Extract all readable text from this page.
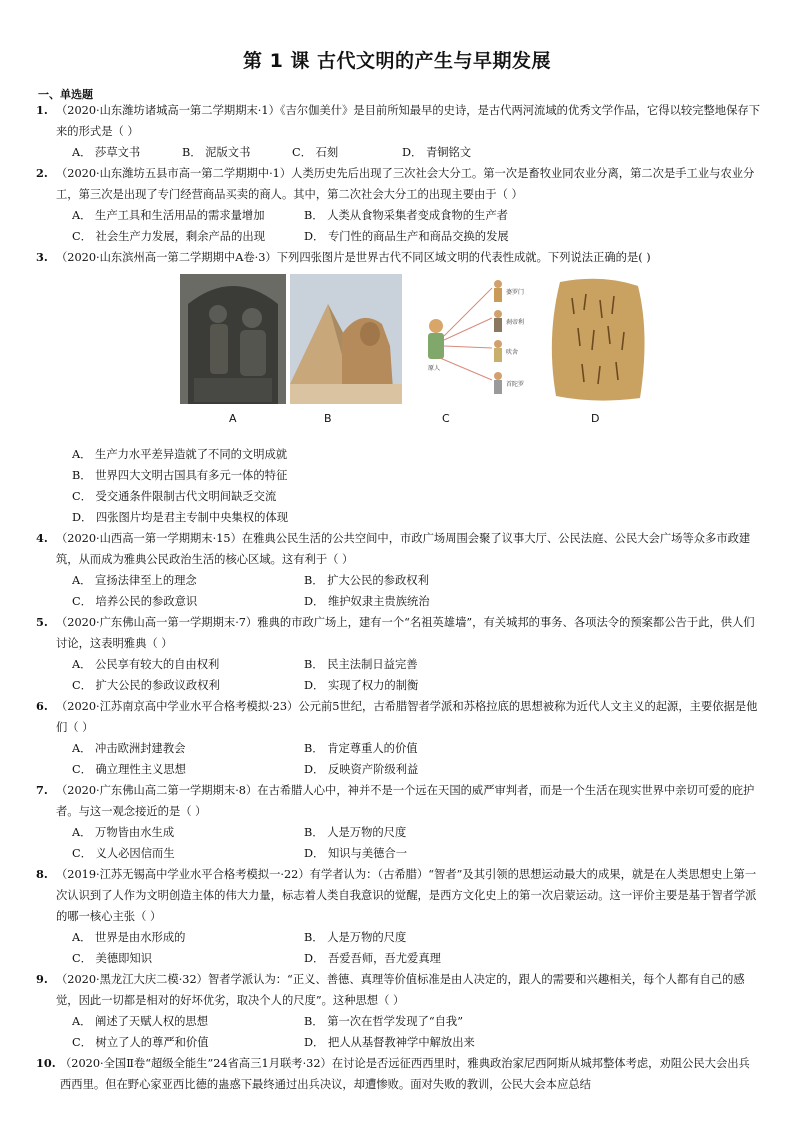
第 1 课 古代文明的产生与早期发展
一、单选题
1. （2020·山东潍坊诸城高一第二学期期末·1）《吉尔伽美什》是目前所知最早的史诗，是古代两河流域的优秀文学作品，它得以较完整地保存下来的形式是（ ）
A． 莎草文书	B． 泥版文书	C． 石刻	D． 青铜铭文
2. （2020·山东潍坊五县市高一第二学期期中·1）人类历史先后出现了三次社会大分工。第一次是畜牧业同农业分离，第二次是手工业与农业分工，第三次是出现了专门经营商品买卖的商人。其中，第二次社会大分工的出现主要由于（ ）
A． 生产工具和生活用品的需求量增加	B． 人类从食物采集者变成食物的生产者
C． 社会生产力发展，剩余产品的出现	D． 专门性的商品生产和商品交换的发展
3. （2020·山东滨州高一第二学期期中A卷·3）下列四张图片是世界古代不同区域文明的代表性成就。下列说法正确的是( )
婆罗门
刹帝利
吠舍
首陀罗
原人
A	B	C	D
A． 生产力水平差异造就了不同的文明成就
B． 世界四大文明古国具有多元一体的特征
C． 受交通条件限制古代文明间缺乏交流
D． 四张图片均是君主专制中央集权的体现
4. （2020·山西高一第一学期期末·15）在雅典公民生活的公共空间中，市政广场周围会聚了议事大厅、公民法庭、公民大会广场等众多市政建筑，从而成为雅典公民政治生活的核心区域。这有利于（ ）
A． 宣扬法律至上的理念	B． 扩大公民的参政权利
C． 培养公民的参政意识	D． 维护奴隶主贵族统治
5. （2020·广东佛山高一第一学期期末·7）雅典的市政广场上，建有一个“名祖英雄墙”，有关城邦的事务、各项法令的预案都公告于此，供人们讨论，这表明雅典（ ）
A． 公民享有较大的自由权利	B． 民主法制日益完善
C． 扩大公民的参政议政权利	D． 实现了权力的制衡
6. （2020·江苏南京高中学业水平合格考模拟·23）公元前5世纪，古希腊智者学派和苏格拉底的思想被称为近代人文主义的起源，主要依据是他们（ ）
A． 冲击欧洲封建教会	B． 肯定尊重人的价值
C． 确立理性主义思想	D． 反映资产阶级利益
7. （2020·广东佛山高二第一学期期末·8）在古希腊人心中，神并不是一个远在天国的威严审判者，而是一个生活在现实世界中亲切可爱的庇护者。与这一观念接近的是（ ）
A． 万物皆由水生成	B． 人是万物的尺度
C． 义人必因信而生	D． 知识与美德合一
8. （2019·江苏无锡高中学业水平合格考模拟一·22）有学者认为：（古希腊）“智者”及其引领的思想运动最大的成果，就是在人类思想史上第一次认识到了人作为文明创造主体的伟大力量，标志着人类自我意识的觉醒，是西方文化史上的第一次启蒙运动。这一评价主要是基于智者学派的哪一核心主张（ ）
A． 世界是由水形成的	B． 人是万物的尺度
C． 美德即知识	D． 吾爱吾师，吾尤爱真理
9. （2020·黑龙江大庆二模·32）智者学派认为：“正义、善德、真理等价值标准是由人决定的，跟人的需要和兴趣相关，每个人都有自己的感觉，因此一切都是相对的好坏优劣，取决个人的尺度”。这种思想（ ）
A． 阐述了天赋人权的思想	B． 第一次在哲学发现了“自我”
C． 树立了人的尊严和价值	D． 把人从基督教神学中解放出来
10. （2020·全国Ⅱ卷“超级全能生”24省高三1月联考·32）在讨论是否远征西西里时，雅典政治家尼西阿斯从城邦整体考虑，劝阻公民大会出兵西西里。但在野心家亚西比德的蛊惑下最终通过出兵决议，却遭惨败。面对失败的教训，公民大会本应总结
